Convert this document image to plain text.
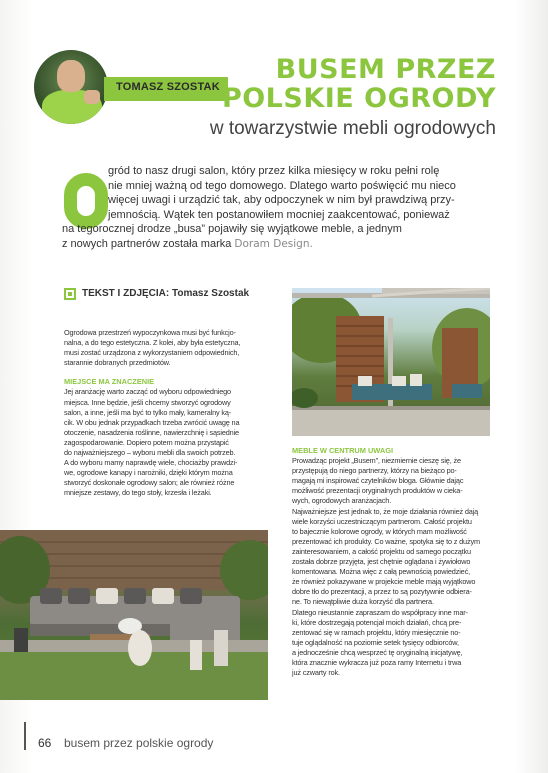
TOMASZ SZOSTAK
BUSEM PRZEZ
POLSKIE OGRODY
w towarzystwie mebli ogrodowych
gród to nasz drugi salon, który przez kilka miesięcy w roku pełni rolę
nie mniej ważną od tego domowego. Dlatego warto poświęcić mu nieco
więcej uwagi i urządzić tak, aby odpoczynek w nim był prawdziwą przy-
jemnością. Wątek ten postanowiłem mocniej zaakcentować, ponieważ
na tegorocznej drodze „busa” pojawiły się wyjątkowe meble, a jednym
z nowych partnerów została marka Doram Design.
TEKST I ZDJĘCIA: Tomasz Szostak

Ogrodowa przestrzeń wypoczynkowa musi być funkcjo-

nalna, a do tego estetyczna. Z kolei, aby była estetyczna,

musi zostać urządzona z wykorzystaniem odpowiednich,

starannie dobranych przedmiotów.

MIEJSCE MA ZNACZENIE

Jej aranżację warto zacząć od wyboru odpowiedniego

miejsca. Inne będzie, jeśli chcemy stworzyć ogrodowy

salon, a inne, jeśli ma być to tylko mały, kameralny ką-

cik. W obu jednak przypadkach trzeba zwrócić uwagę na

otoczenie, nasadzenia roślinne, nawierzchnię i sąsiednie

zagospodarowanie. Dopiero potem można przystąpić

do najważniejszego – wyboru mebli dla swoich potrzeb.

A do wyboru mamy naprawdę wiele, chociażby prawdzi-

we, ogrodowe kanapy i narożniki, dzięki którym można

stworzyć doskonałe ogrodowy salon; ale również różne

mniejsze zestawy, do tego stoły, krzesła i leżaki.

MEBLE W CENTRUM UWAGI

Prowadząc projekt „Busem”, niezmiernie cieszę się, że

przystępują do niego partnerzy, którzy na bieżąco po-

magają mi inspirować czytelników bloga. Głównie dając

możliwość prezentacji oryginalnych produktów w cieka-

wych, ogrodowych aranżacjach.

Najważniejsze jest jednak to, że moje działania również dają

wiele korzyści uczestniczącym partnerom. Całość projektu

to bajecznie kolorowe ogrody, w których mam możliwość

prezentować ich produkty. Co ważne, spotyka się to z dużym

zainteresowaniem, a całość projektu od samego początku

została dobrze przyjęta, jest chętnie oglądana i żywiołowo

komentowana. Można więc z całą pewnością powiedzieć,

że również pokazywane w projekcie meble mają wyjątkowo

dobre tło do prezentacji, a przez to są pozytywnie odbiera-

ne. To niewątpliwie duża korzyść dla partnera.

Dlatego nieustannie zapraszam do współpracy inne mar-

ki, które dostrzegają potencjał moich działań, chcą pre-

zentować się w ramach projektu, który miesięcznie no-

tuje oglądalność na poziomie setek tysięcy odbiorców,

a jednocześnie chcą wesprzeć tę oryginalną inicjatywę,

która znacznie wykracza już poza ramy Internetu i trwa

już czwarty rok.

66 busem przez polskie ogrody
